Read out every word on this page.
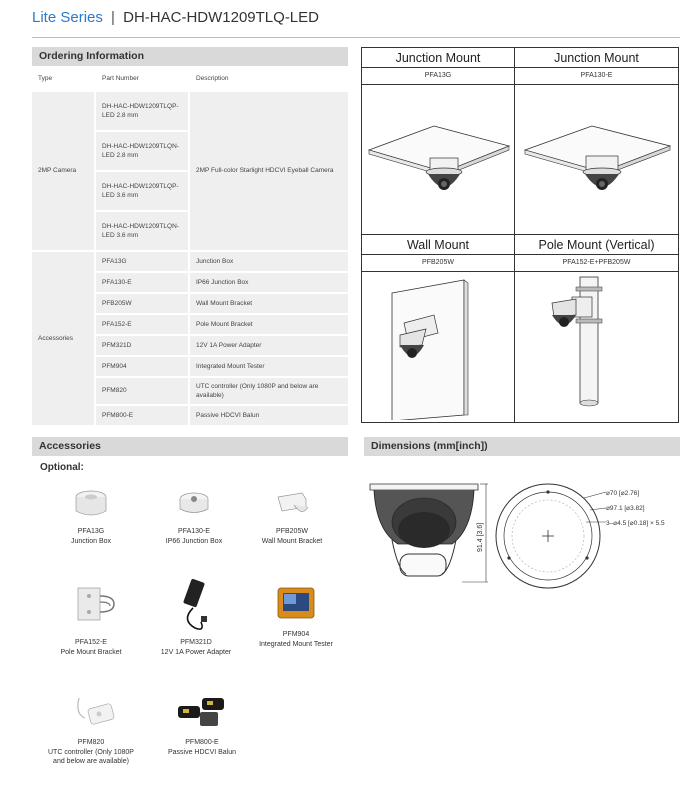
Lite Series | DH-HAC-HDW1209TLQ-LED
Ordering Information
Type	Part Number	Description
2MP Camera	DH-HAC-HDW1209TLQP-LED 2.8 mm	2MP Full-color Starlight HDCVI Eyeball Camera
	DH-HAC-HDW1209TLQN-LED 2.8 mm	
	DH-HAC-HDW1209TLQP-LED 3.6 mm	
	DH-HAC-HDW1209TLQN-LED 3.6 mm	
Accessories	PFA13G	Junction Box
	PFA130-E	IP66 Junction Box
	PFB205W	Wall Mount Bracket
	PFA152-E	Pole Mount Bracket
	PFM321D	12V 1A Power Adapter
	PFM904	Integrated Mount Tester
	PFM820	UTC controller (Only 1080P and below are available)
	PFM800-E	Passive HDCVI Balun
Junction Mount
PFA13G
Junction Mount
PFA130-E
Wall Mount
PFB205W
Pole Mount (Vertical)
PFA152-E+PFB205W
Accessories
Optional:
PFA13G
Junction Box
PFA130-E
IP66 Junction Box
PFB205W
Wall Mount Bracket
PFA152-E
Pole Mount Bracket
PFM321D
12V 1A Power Adapter
PFM904
Integrated Mount Tester
PFM820
UTC controller (Only 1080P and below are available)
PFM800-E
Passive HDCVI Balun
Dimensions (mm[inch])
91.4 [3.6]
⌀70 [⌀2.76]
⌀97.1 [⌀3.82]
3–⌀4.5 [⌀0.18] × 5.5
